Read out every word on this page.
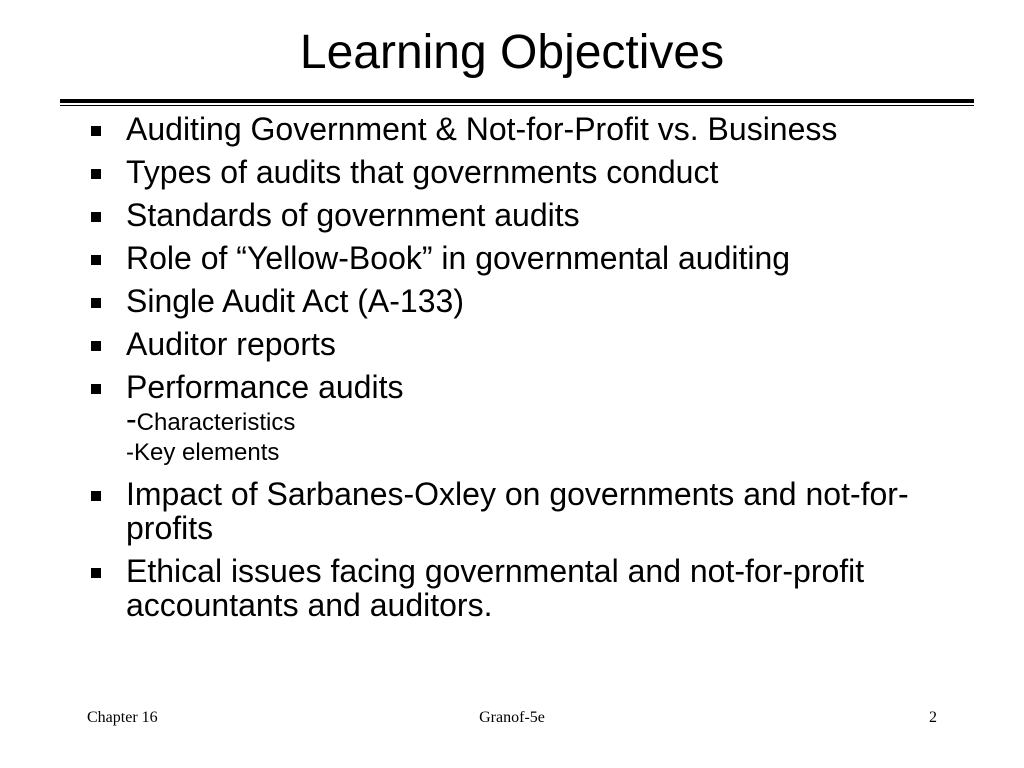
Learning Objectives
Auditing Government & Not-for-Profit vs. Business
Types of audits that governments conduct
Standards of government audits
Role of “Yellow-Book” in governmental auditing
Single Audit Act (A-133)
Auditor reports
Performance audits
-Characteristics
-Key elements
Impact of Sarbanes-Oxley on governments and not-for-profits
Ethical issues facing governmental and not-for-profit accountants and auditors.
Chapter 16	Granof-5e	2
